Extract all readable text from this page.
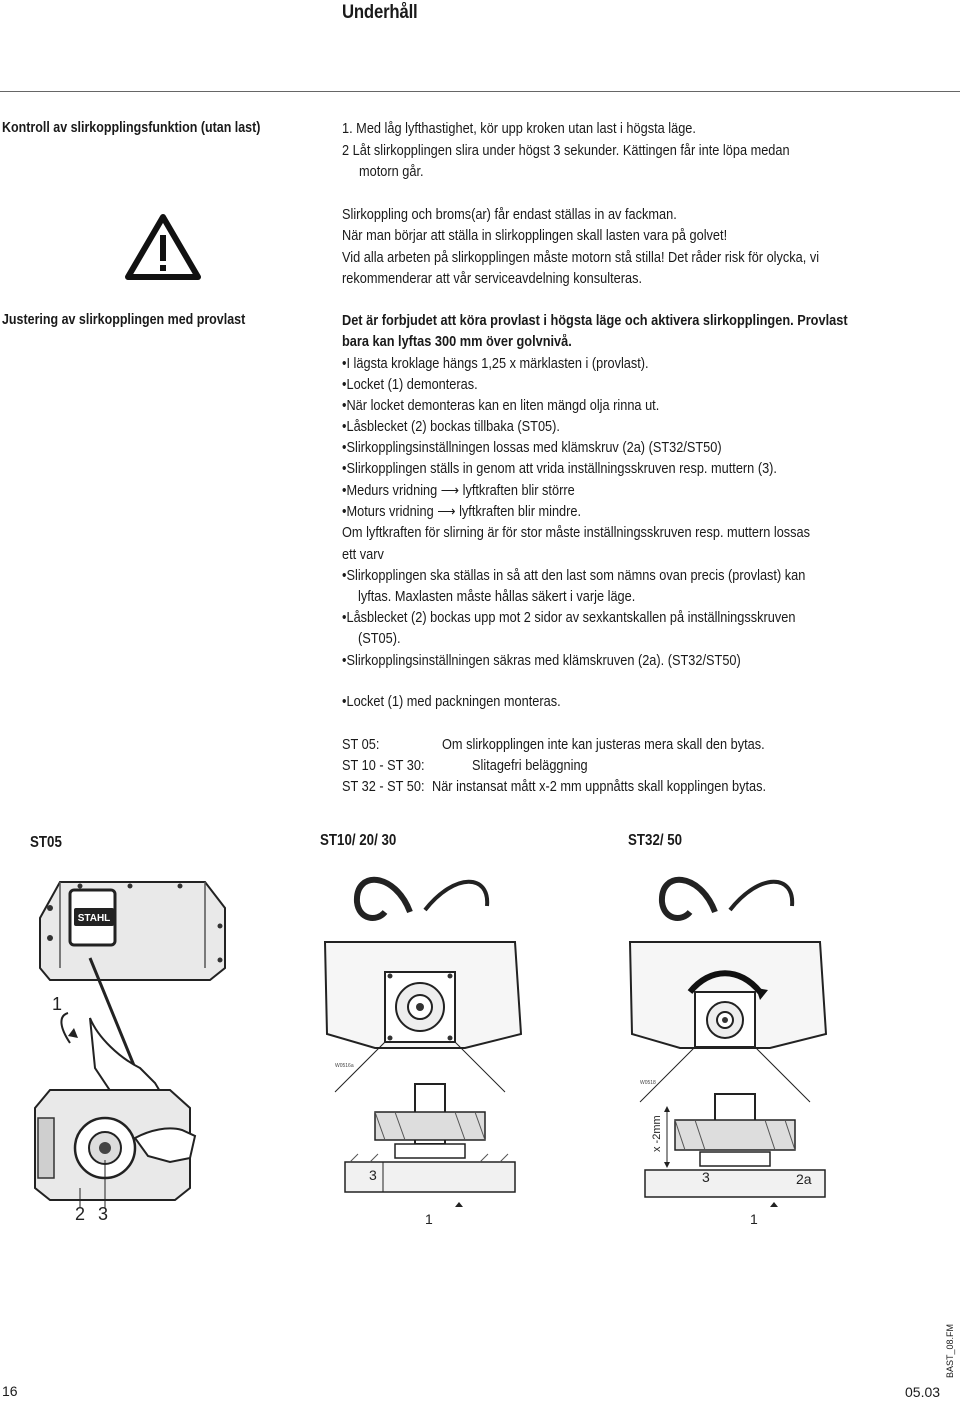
Underhåll
Kontroll av slirkopplingsfunktion (utan last)	1. Med låg lyfthastighet, kör upp kroken utan last i högsta läge.
2 Låt slirkopplingen slira under högst 3 sekunder. Kättingen får inte löpa medan
motorn går.
Slirkoppling och broms(ar) får endast ställas in av fackman.
När man börjar att ställa in slirkopplingen skall lasten vara på golvet!
Vid alla arbeten på slirkopplingen måste motorn stå stilla! Det råder risk för olycka, vi
rekommenderar att vår serviceavdelning konsulteras.
Justering av slirkopplingen med provlast	Det är forbjudet att köra provlast i högsta läge och aktivera slirkopplingen. Provlast
bara kan lyftas 300 mm över golvnivå.
•I lägsta kroklage hängs 1,25 x märklasten i (provlast).
•Locket (1) demonteras.
•När locket demonteras kan en liten mängd olja rinna ut.
•Låsblecket (2) bockas tillbaka (ST05).
•Slirkopplingsinställningen lossas med klämskruv (2a) (ST32/ST50)
•Slirkopplingen ställs in genom att vrida inställningsskruven resp. muttern (3).
•Medurs vridning ⟶ lyftkraften blir större
•Moturs vridning ⟶ lyftkraften blir mindre.
Om lyftkraften för slirning är för stor måste inställningsskruven resp. muttern lossas
ett varv
•Slirkopplingen ska ställas in så att den last som nämns ovan precis (provlast) kan
lyftas. Maxlasten måste hållas säkert i varje läge.
•Låsblecket (2) bockas upp mot 2 sidor av sexkantskallen på inställningsskruven
(ST05).
•Slirkopplingsinställningen säkras med klämskruven (2a). (ST32/ST50)
•Locket (1) med packningen monteras.
ST 05:	Om slirkopplingen inte kan justeras mera skall den bytas.
ST 10 - ST 30:	Slitagefri beläggning
ST 32 - ST 50: När instansat mått x-2 mm uppnåtts skall kopplingen bytas.
ST05	ST10/ 20/ 30	ST32/ 50
STAHL
1
2 3
W0516a
3
1
W0518
x -2mm
3	2a
1
BAST_08.FM
16	05.03
